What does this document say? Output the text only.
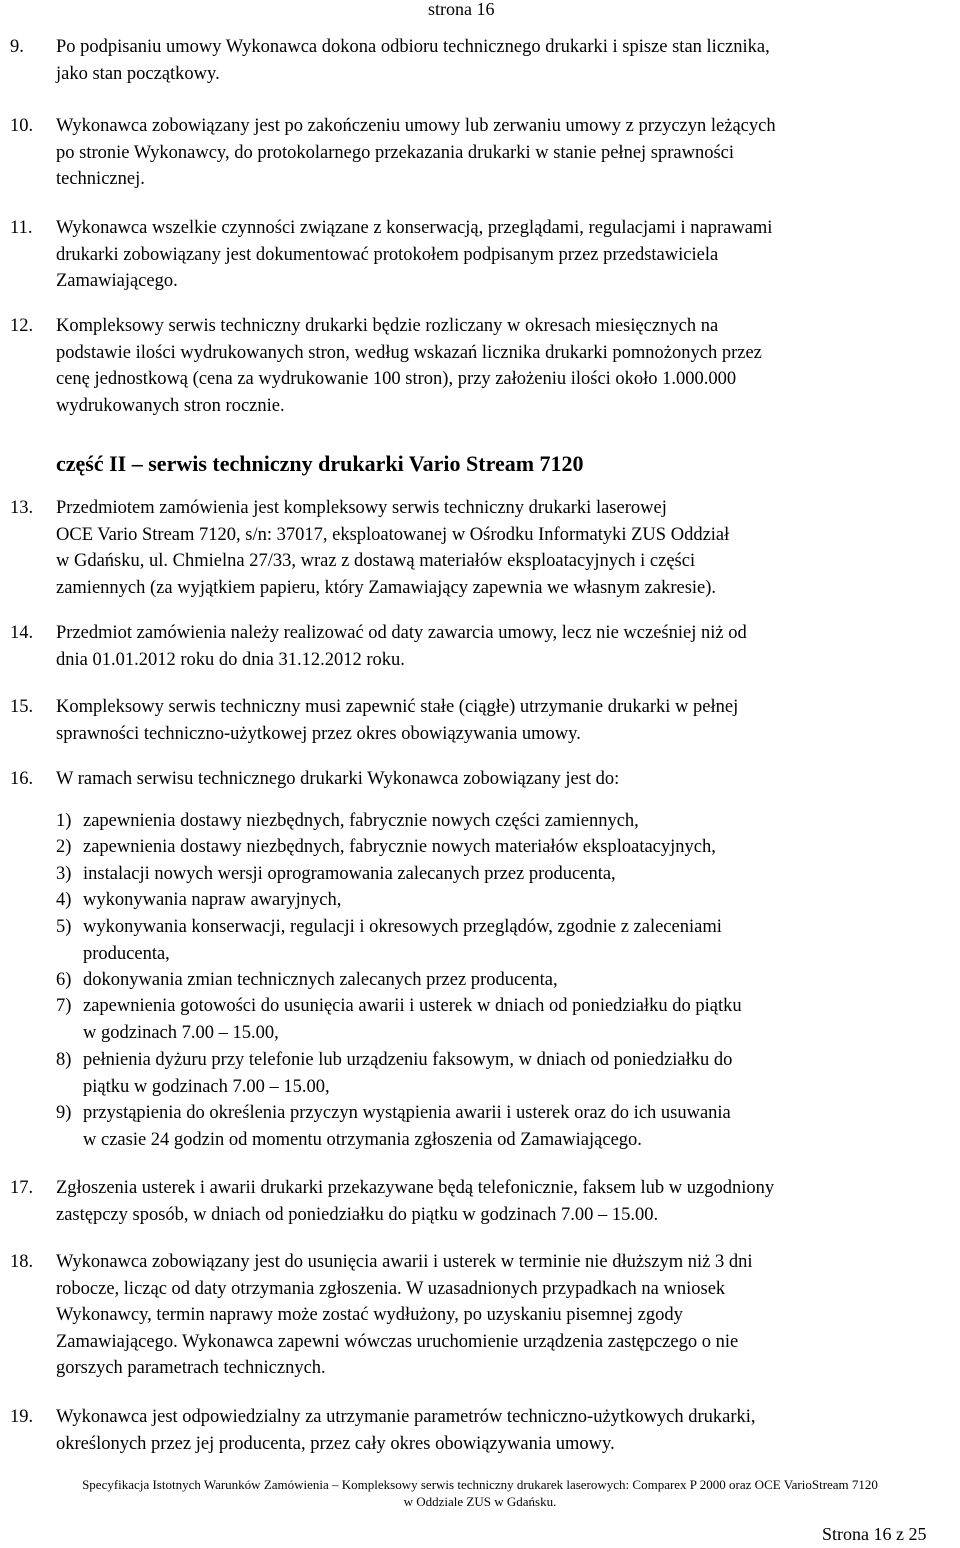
strona 16
9. Po podpisaniu umowy Wykonawca dokona odbioru technicznego drukarki i spisze stan licznika,
jako stan początkowy.
10. Wykonawca zobowiązany jest po zakończeniu umowy lub zerwaniu umowy z przyczyn leżących
po stronie Wykonawcy, do protokolarnego przekazania drukarki w stanie pełnej sprawności
technicznej.
11. Wykonawca wszelkie czynności związane z konserwacją, przeglądami, regulacjami i naprawami
drukarki zobowiązany jest dokumentować protokołem podpisanym przez przedstawiciela
Zamawiającego.
12. Kompleksowy serwis techniczny drukarki będzie rozliczany w okresach miesięcznych na
podstawie ilości wydrukowanych stron, według wskazań licznika drukarki pomnożonych przez
cenę jednostkową (cena za wydrukowanie 100 stron), przy założeniu ilości około 1.000.000
wydrukowanych stron rocznie.
część II – serwis techniczny drukarki Vario Stream 7120
13. Przedmiotem zamówienia jest kompleksowy serwis techniczny drukarki laserowej
OCE Vario Stream 7120, s/n: 37017, eksploatowanej w Ośrodku Informatyki ZUS Oddział
w Gdańsku, ul. Chmielna 27/33, wraz z dostawą materiałów eksploatacyjnych i części
zamiennych (za wyjątkiem papieru, który Zamawiający zapewnia we własnym zakresie).
14. Przedmiot zamówienia należy realizować od daty zawarcia umowy, lecz nie wcześniej niż od
dnia 01.01.2012 roku do dnia 31.12.2012 roku.
15. Kompleksowy serwis techniczny musi zapewnić stałe (ciągłe) utrzymanie drukarki w pełnej
sprawności techniczno-użytkowej przez okres obowiązywania umowy.
16. W ramach serwisu technicznego drukarki Wykonawca zobowiązany jest do:
1) zapewnienia dostawy niezbędnych, fabrycznie nowych części zamiennych,
2) zapewnienia dostawy niezbędnych, fabrycznie nowych materiałów eksploatacyjnych,
3) instalacji nowych wersji oprogramowania zalecanych przez producenta,
4) wykonywania napraw awaryjnych,
5) wykonywania konserwacji, regulacji i okresowych przeglądów, zgodnie z zaleceniami
producenta,
6) dokonywania zmian technicznych zalecanych przez producenta,
7) zapewnienia gotowości do usunięcia awarii i usterek w dniach od poniedziałku do piątku
w godzinach 7.00 – 15.00,
8) pełnienia dyżuru przy telefonie lub urządzeniu faksowym, w dniach od poniedziałku do
piątku w godzinach 7.00 – 15.00,
9) przystąpienia do określenia przyczyn wystąpienia awarii i usterek oraz do ich usuwania
w czasie 24 godzin od momentu otrzymania zgłoszenia od Zamawiającego.
17. Zgłoszenia usterek i awarii drukarki przekazywane będą telefonicznie, faksem lub w uzgodniony
zastępczy sposób, w dniach od poniedziałku do piątku w godzinach 7.00 – 15.00.
18. Wykonawca zobowiązany jest do usunięcia awarii i usterek w terminie nie dłuższym niż 3 dni
robocze, licząc od daty otrzymania zgłoszenia. W uzasadnionych przypadkach na wniosek
Wykonawcy, termin naprawy może zostać wydłużony, po uzyskaniu pisemnej zgody
Zamawiającego. Wykonawca zapewni wówczas uruchomienie urządzenia zastępczego o nie
gorszych parametrach technicznych.
19. Wykonawca jest odpowiedzialny za utrzymanie parametrów techniczno-użytkowych drukarki,
określonych przez jej producenta, przez cały okres obowiązywania umowy.
Specyfikacja Istotnych Warunków Zamówienia – Kompleksowy serwis techniczny drukarek laserowych: Comparex P 2000 oraz OCE VarioStream 7120
w Oddziale ZUS w Gdańsku.
Strona 16 z 25
